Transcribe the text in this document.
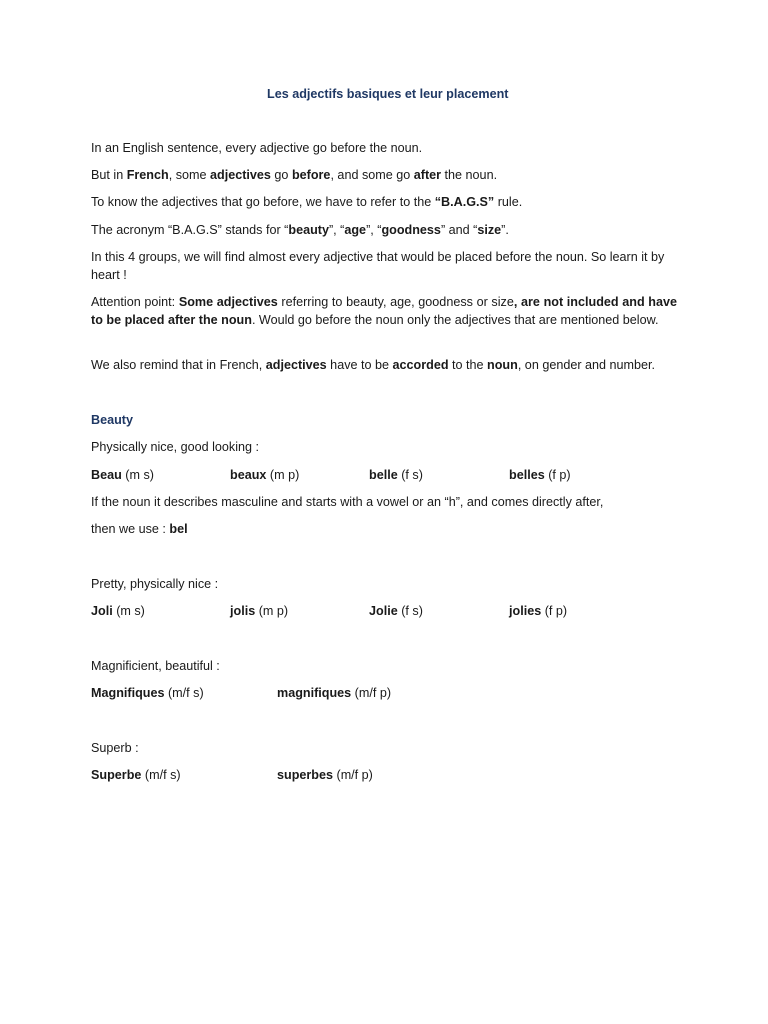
Les adjectifs basiques et leur placement
In an English sentence, every adjective go before the noun.
But in French, some adjectives go before, and some go after the noun.
To know the adjectives that go before, we have to refer to the “B.A.G.S” rule.
The acronym “B.A.G.S” stands for “beauty”, “age”, “goodness” and “size”.
In this 4 groups, we will find almost every adjective that would be placed before the noun. So learn it by heart !
Attention point: Some adjectives referring to beauty, age, goodness or size, are not included and have to be placed after the noun. Would go before the noun only the adjectives that are mentioned below.
We also remind that in French, adjectives have to be accorded to the noun, on gender and number.
Beauty
Physically nice, good looking :
Beau (m s)	beaux (m p)	belle (f s)	belles (f p)
If the noun it describes masculine and starts with a vowel or an “h”, and comes directly after,
then we use : bel
Pretty, physically nice :
Joli (m s)	jolis (m p)	Jolie (f s)	jolies (f p)
Magnificient, beautiful :
Magnifiques (m/f s)	magnifiques (m/f p)
Superb :
Superbe (m/f s)	superbes (m/f p)
